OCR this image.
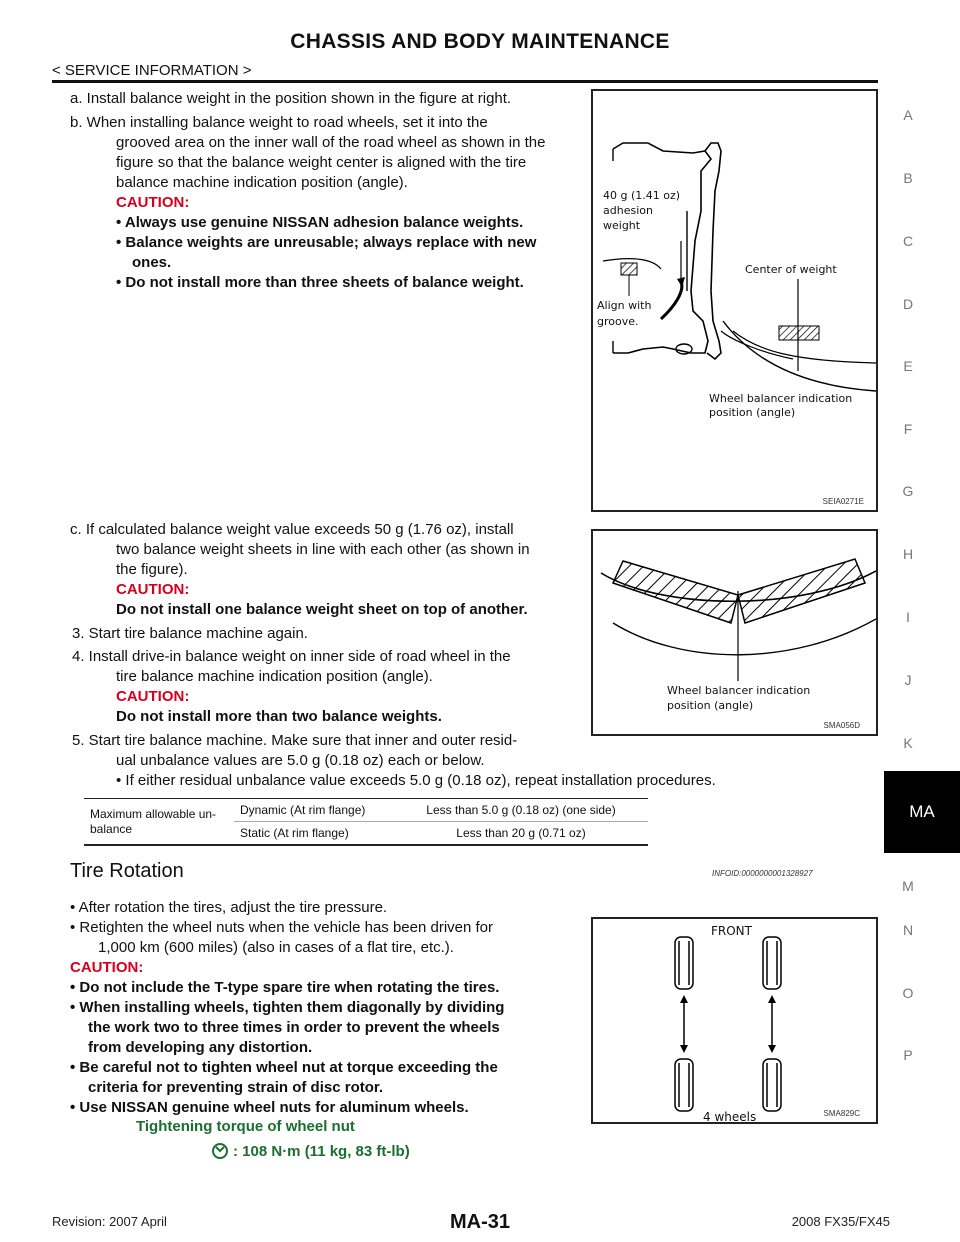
CHASSIS AND BODY MAINTENANCE
< SERVICE INFORMATION >
A
B
C
D
E
F
G
H
I
J
K
MA
M
N
O
P
a. Install balance weight in the position shown in the figure at right.
b. When installing balance weight to road wheels, set it into the
grooved area on the inner wall of the road wheel as shown in the
figure so that the balance weight center is aligned with the tire
balance machine indication position (angle).
CAUTION:
• Always use genuine NISSAN adhesion balance weights.
• Balance weights are unreusable; always replace with new
ones.
• Do not install more than three sheets of balance weight.
40 g (1.41 oz)
adhesion
weight
Center of weight
Align with
groove.
Wheel balancer indication
position (angle)
SEIA0271E
c. If calculated balance weight value exceeds 50 g (1.76 oz), install
two balance weight sheets in line with each other (as shown in
the figure).
CAUTION:
Do not install one balance weight sheet on top of another.
3. Start tire balance machine again.
4. Install drive-in balance weight on inner side of road wheel in the
tire balance machine indication position (angle).
CAUTION:
Do not install more than two balance weights.
5. Start tire balance machine. Make sure that inner and outer resid-
ual unbalance values are 5.0 g (0.18 oz) each or below.
• If either residual unbalance value exceeds 5.0 g (0.18 oz), repeat installation procedures.
Wheel balancer indication
position (angle)
SMA056D
Maximum allowable un-
balance	Dynamic (At rim flange)	Less than 5.0 g (0.18 oz) (one side)
	Static (At rim flange)	Less than 20 g (0.71 oz)
Tire Rotation	INFOID:0000000001328927
• After rotation the tires, adjust the tire pressure.
• Retighten the wheel nuts when the vehicle has been driven for
1,000 km (600 miles) (also in cases of a flat tire, etc.).
CAUTION:
• Do not include the T-type spare tire when rotating the tires.
• When installing wheels, tighten them diagonally by dividing
the work two to three times in order to prevent the wheels
from developing any distortion.
• Be careful not to tighten wheel nut at torque exceeding the
criteria for preventing strain of disc rotor.
• Use NISSAN genuine wheel nuts for aluminum wheels.
Tightening torque of wheel nut
: 108 N·m (11 kg, 83 ft-lb)
FRONT
4 wheels	SMA829C
Revision: 2007 April	MA-31	2008 FX35/FX45
